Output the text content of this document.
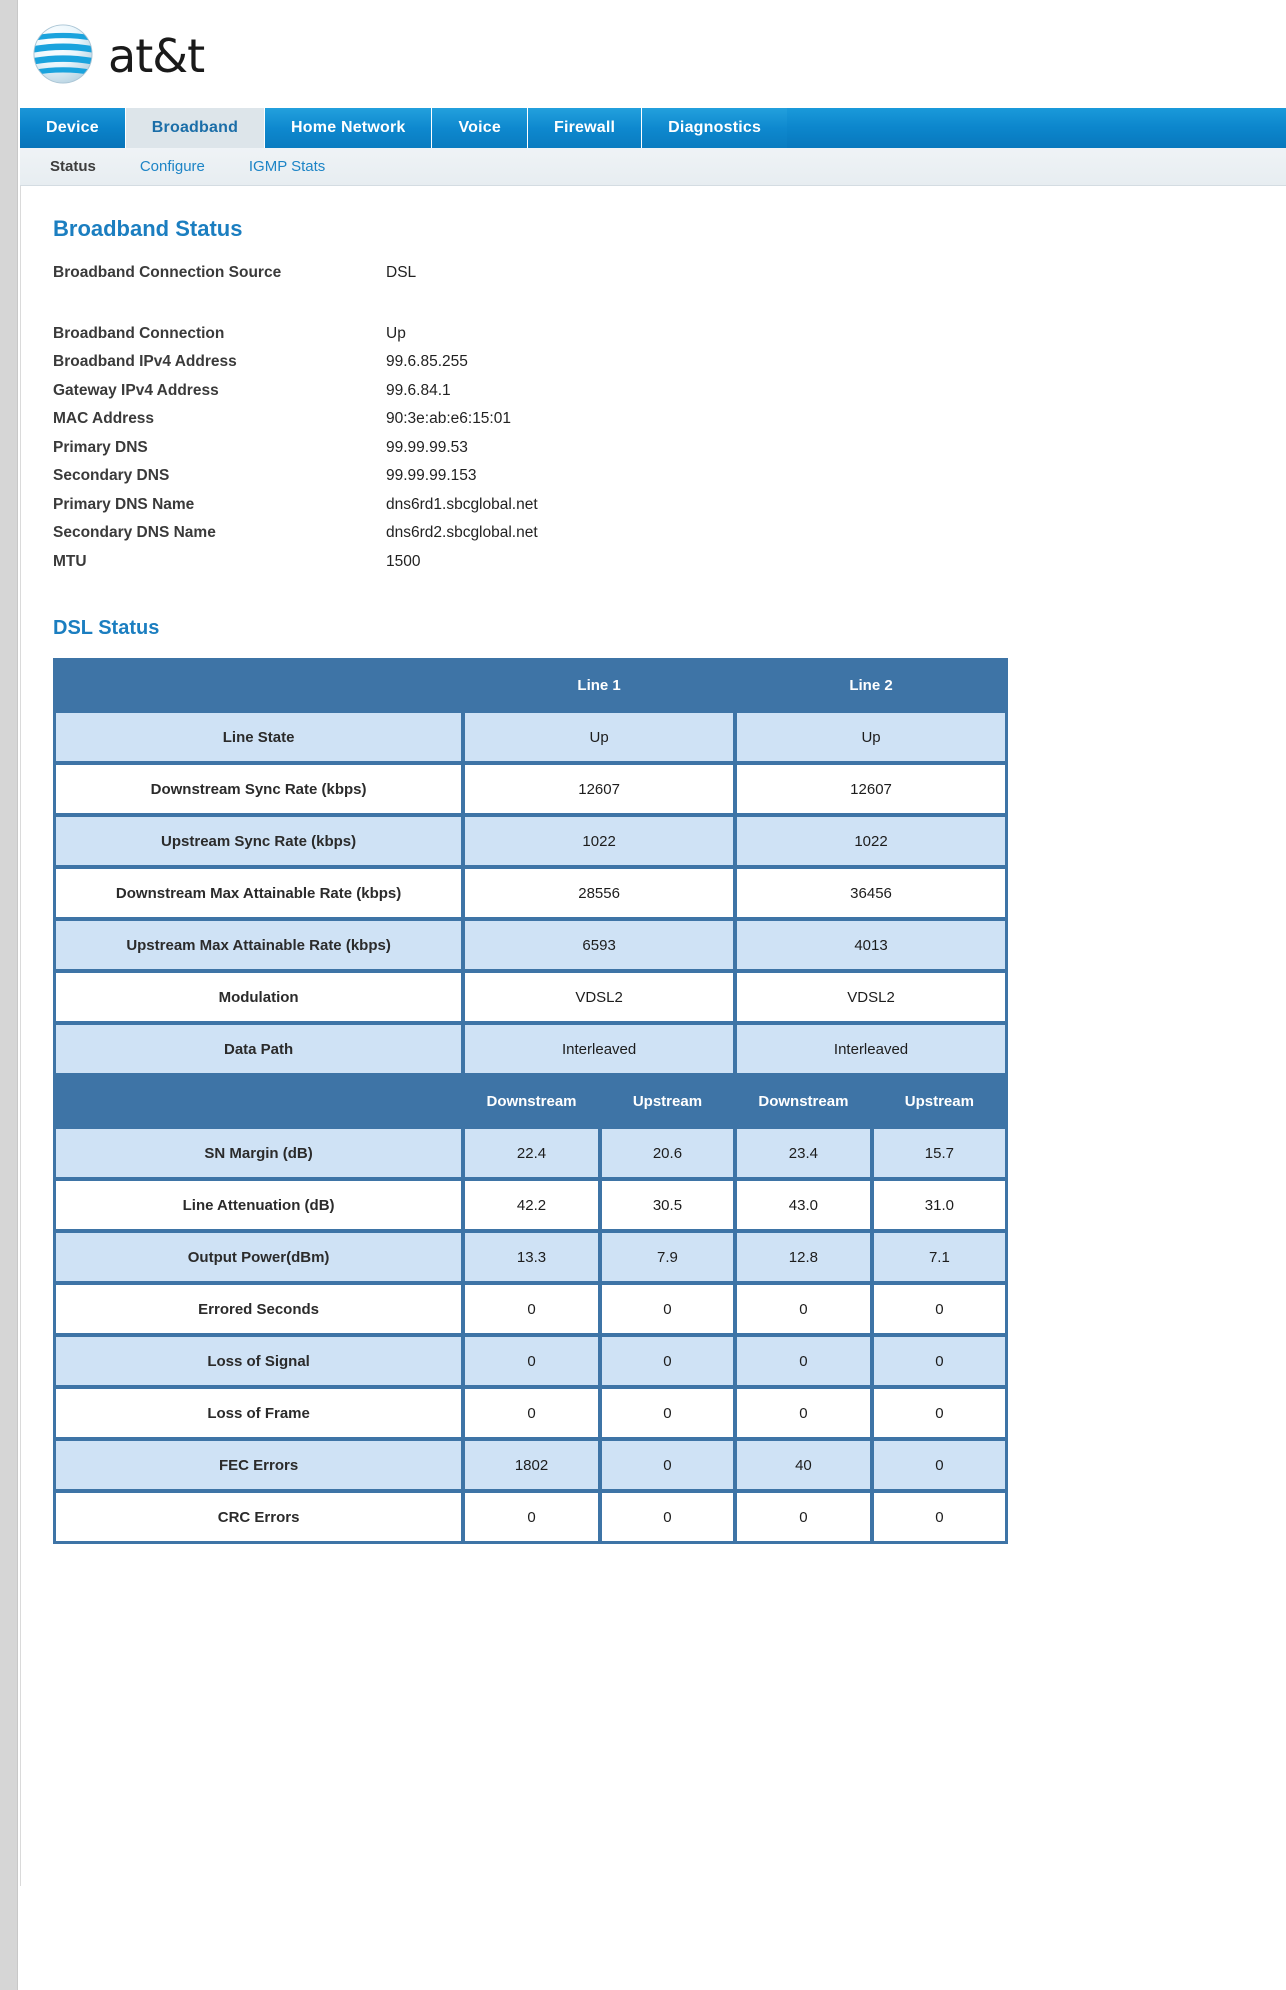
at&t
Device	Broadband	Home Network	Voice	Firewall	Diagnostics
Status	Configure	IGMP Stats
Broadband Status
Broadband Connection Source	DSL
Broadband Connection	Up
Broadband IPv4 Address	99.6.85.255
Gateway IPv4 Address	99.6.84.1
MAC Address	90:3e:ab:e6:15:01
Primary DNS	99.99.99.53
Secondary DNS	99.99.99.153
Primary DNS Name	dns6rd1.sbcglobal.net
Secondary DNS Name	dns6rd2.sbcglobal.net
MTU	1500
DSL Status
	Line 1		Line 2	
Line State	Up		Up	
Downstream Sync Rate (kbps)	12607		12607	
Upstream Sync Rate (kbps)	1022		1022	
Downstream Max Attainable Rate (kbps)	28556		36456	
Upstream Max Attainable Rate (kbps)	6593		4013	
Modulation	VDSL2		VDSL2	
Data Path	Interleaved		Interleaved	
	Downstream	Upstream	Downstream	Upstream
SN Margin (dB)	22.4	20.6	23.4	15.7
Line Attenuation (dB)	42.2	30.5	43.0	31.0
Output Power(dBm)	13.3	7.9	12.8	7.1
Errored Seconds	0	0	0	0
Loss of Signal	0	0	0	0
Loss of Frame	0	0	0	0
FEC Errors	1802	0	40	0
CRC Errors	0	0	0	0
